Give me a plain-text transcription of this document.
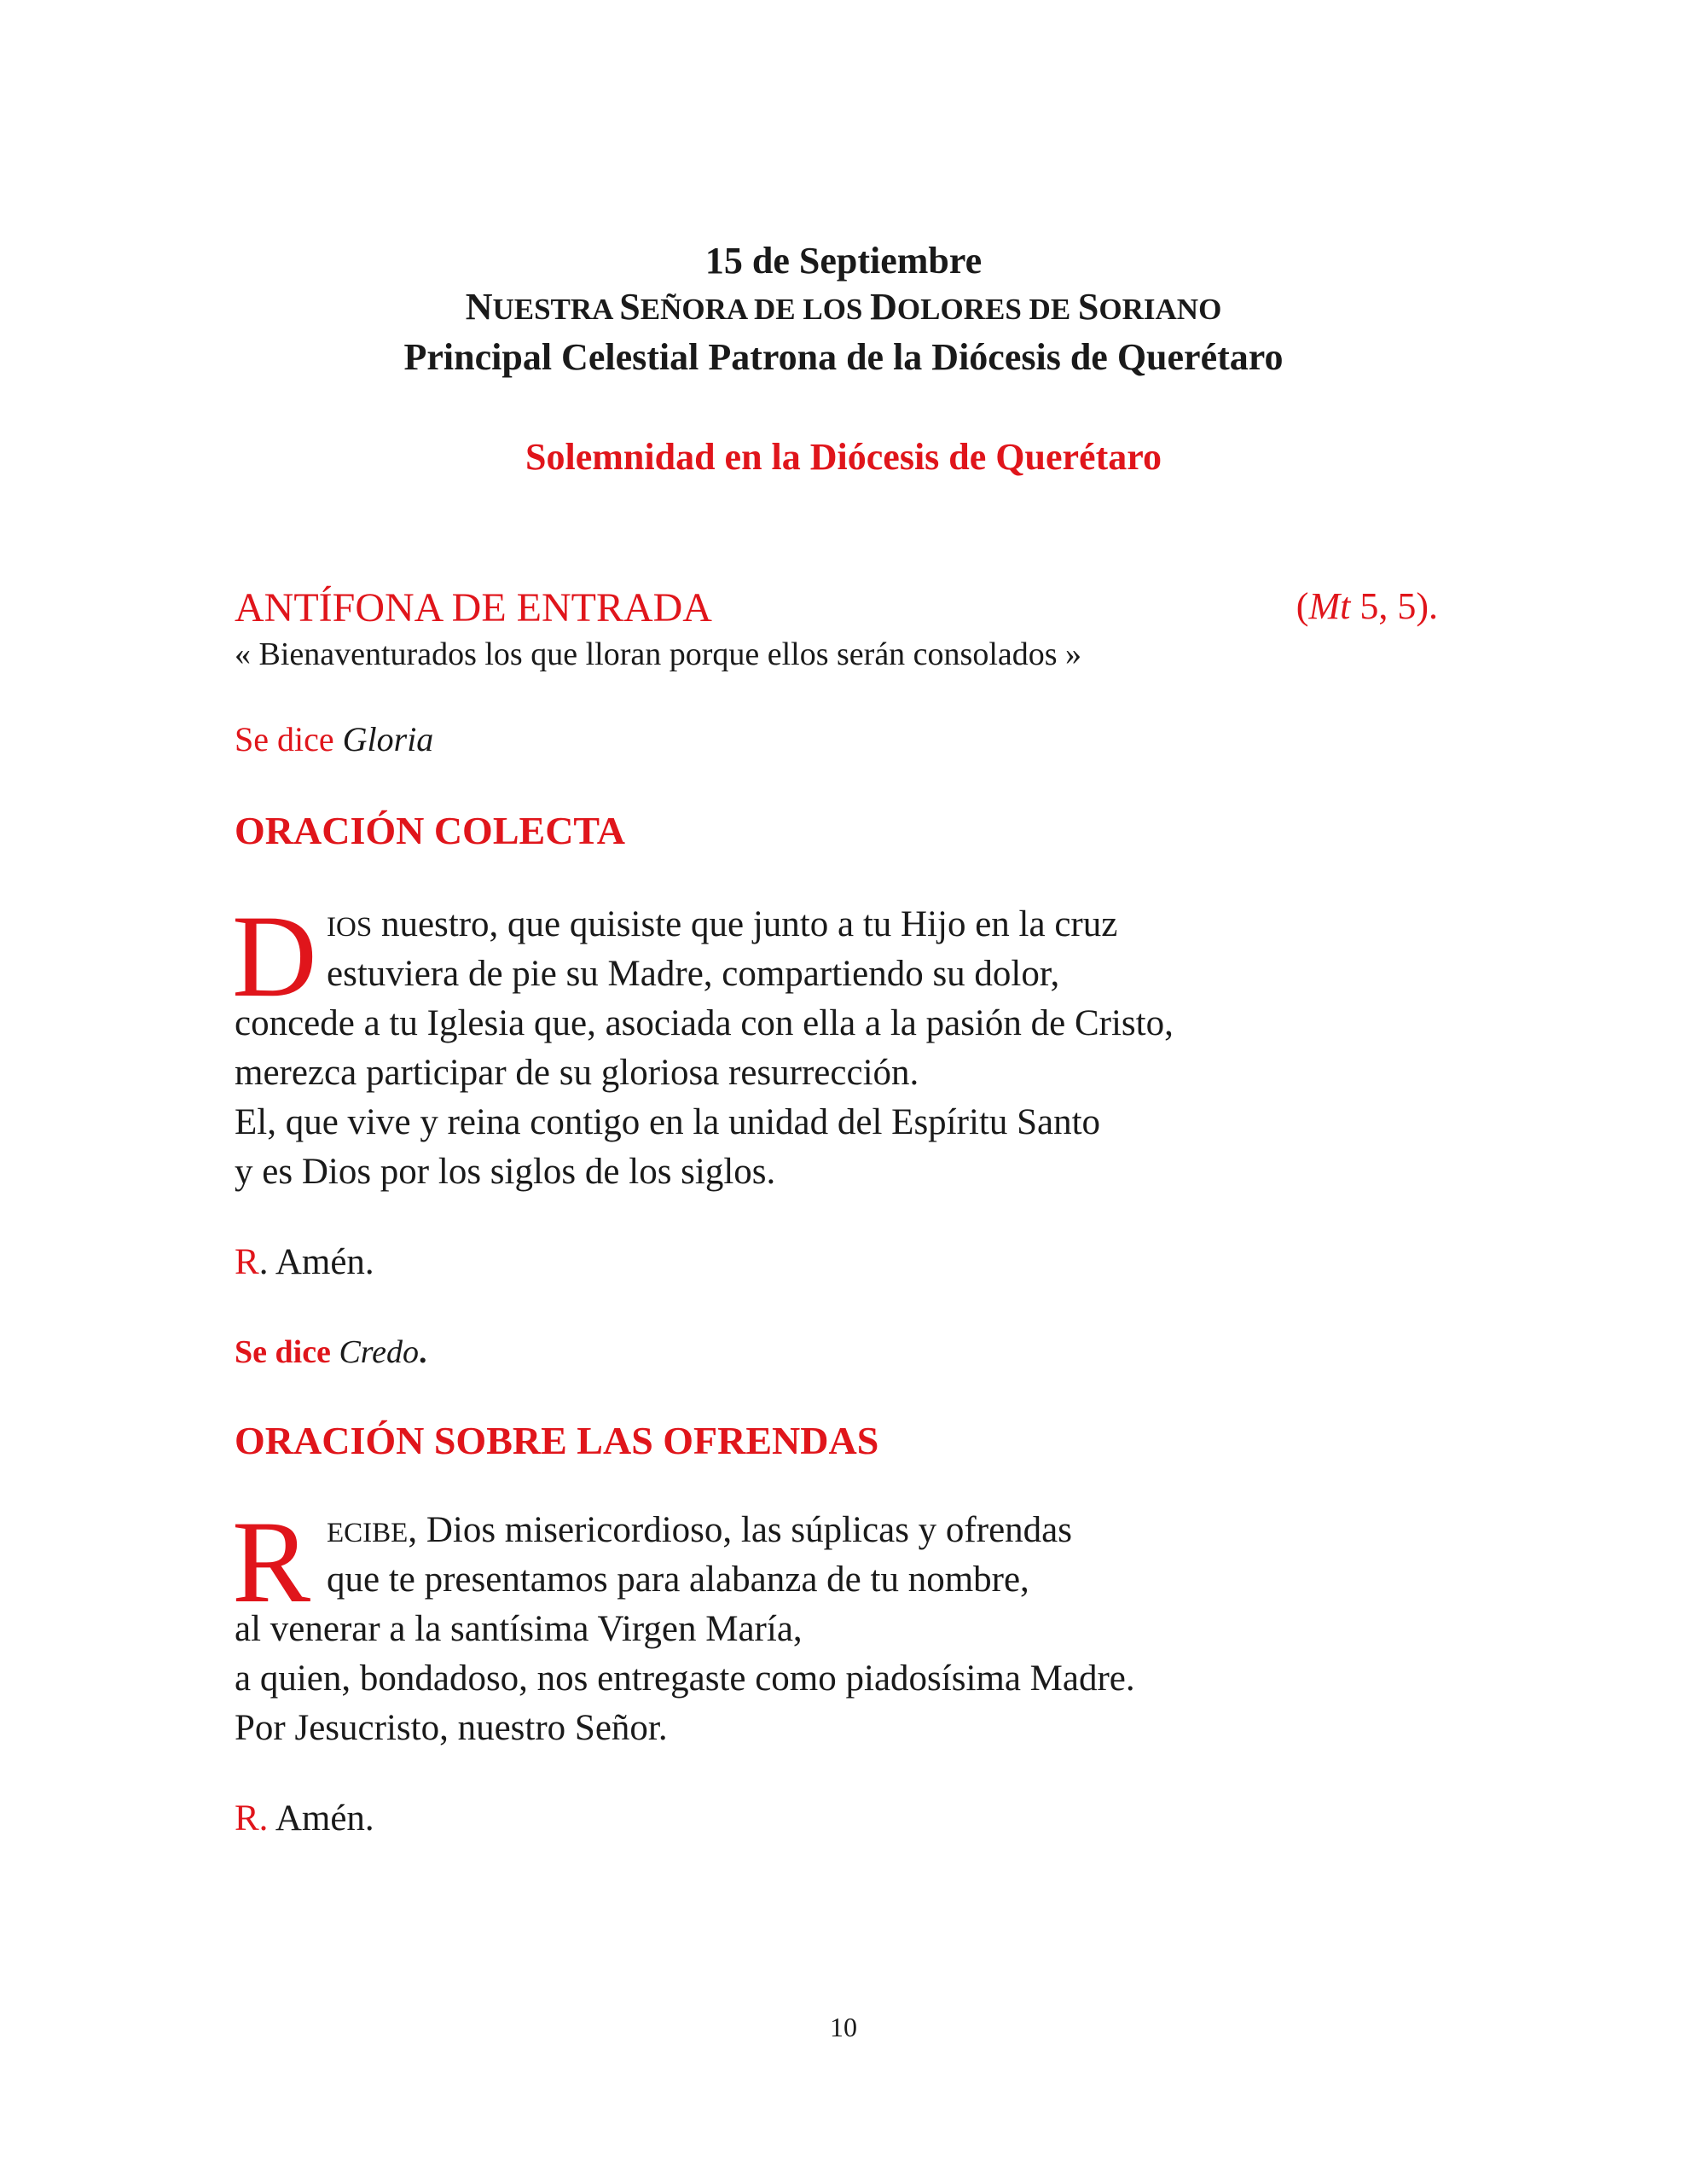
15 de Septiembre
NUESTRA SEÑORA DE LOS DOLORES DE SORIANO
Principal Celestial Patrona de la Diócesis de Querétaro
Solemnidad en la Diócesis de Querétaro
ANTÍFONA DE ENTRADA	(Mt 5, 5).
« Bienaventurados los que lloran porque ellos serán consolados »
Se dice Gloria
ORACIÓN COLECTA
D IOS nuestro, que quisiste que junto a tu Hijo en la cruz
estuviera de pie su Madre, compartiendo su dolor,
concede a tu Iglesia que, asociada con ella a la pasión de Cristo,
merezca participar de su gloriosa resurrección.
El, que vive y reina contigo en la unidad del Espíritu Santo
y es Dios por los siglos de los siglos.
R. Amén.
Se dice Credo.
ORACIÓN SOBRE LAS OFRENDAS
R ECIBE, Dios misericordioso, las súplicas y ofrendas
que te presentamos para alabanza de tu nombre,
al venerar a la santísima Virgen María,
a quien, bondadoso, nos entregaste como piadosísima Madre.
Por Jesucristo, nuestro Señor.
R. Amén.
10
